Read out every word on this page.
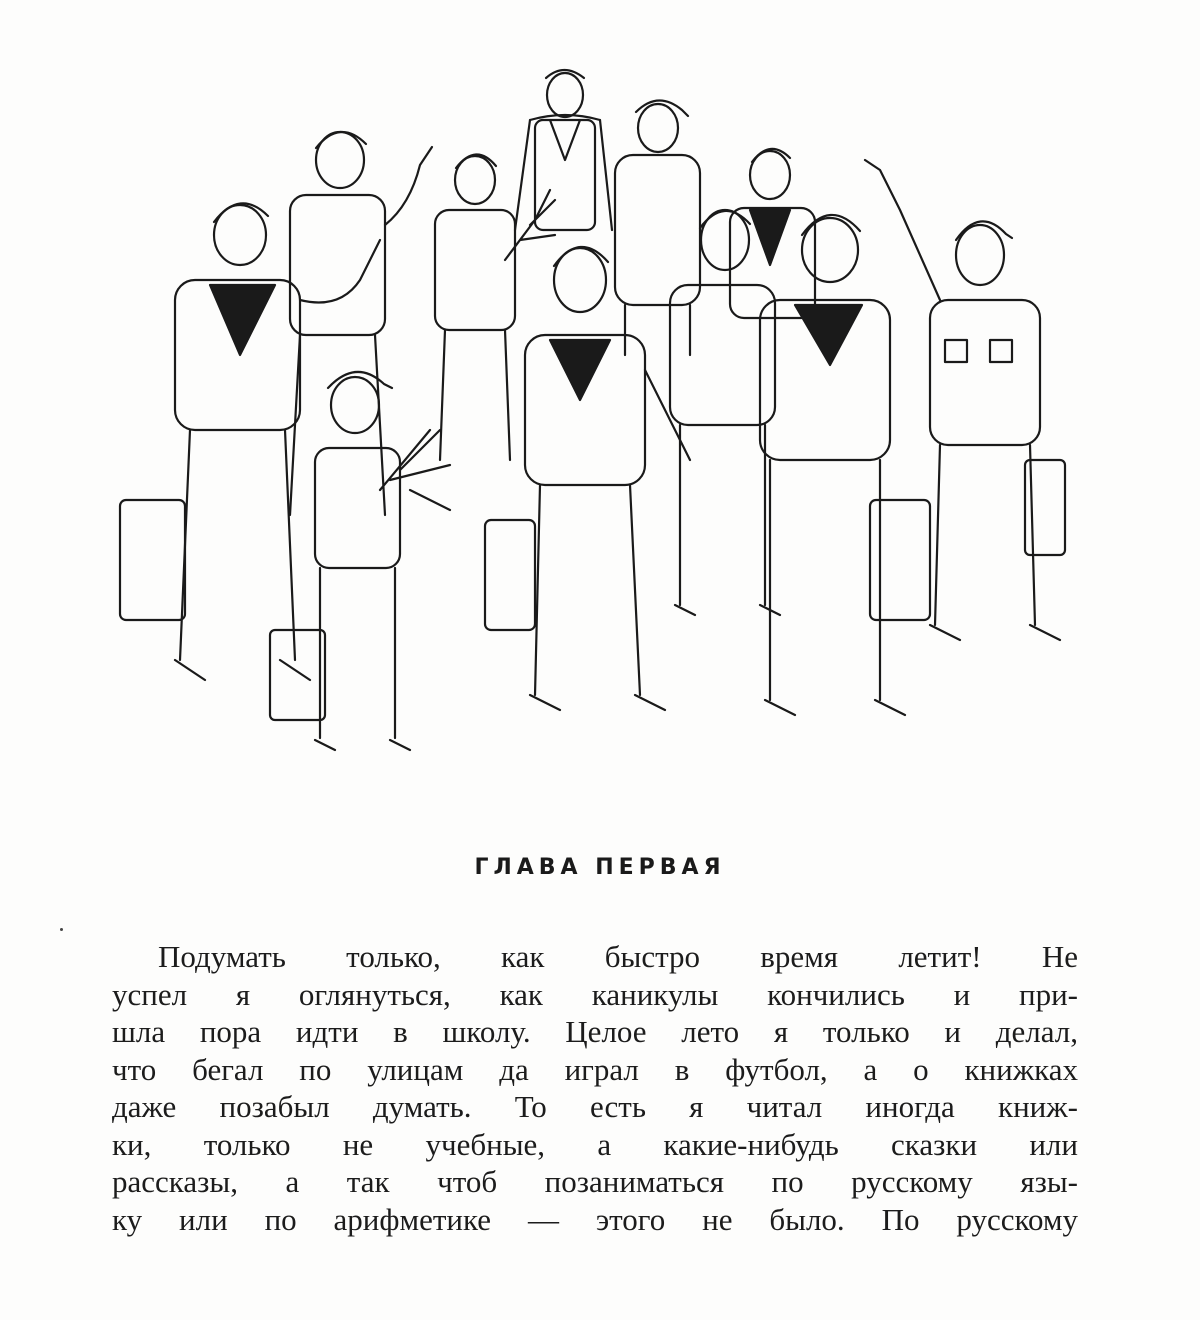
ГЛАВА ПЕРВАЯ
Подумать только, как быстро время летит! Не
успел я оглянуться, как каникулы кончились и при-
шла пора идти в школу. Целое лето я только и делал,
что бегал по улицам да играл в футбол, а о книжках
даже позабыл думать. То есть я читал иногда книж-
ки, только не учебные, а какие-нибудь сказки или
рассказы, а так чтоб позаниматься по русскому язы-
ку или по арифметике — этого не было. По русскому
